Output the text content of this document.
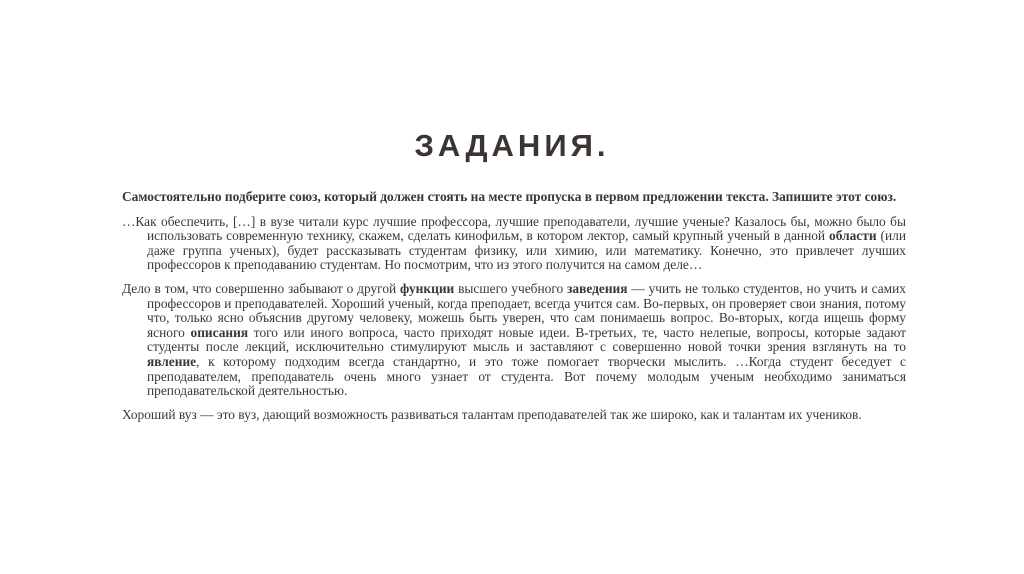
ЗАДАНИЯ.

Самостоятельно подберите союз, который должен стоять на месте пропуска в первом предложении текста. Запишите этот союз.

…Как обеспечить, […] в вузе читали курс лучшие профессора, лучшие преподаватели, лучшие ученые? Казалось бы, можно было бы использовать современную технику, скажем, сделать кинофильм, в котором лектор, самый крупный ученый в данной области (или даже группа ученых), будет рассказывать студентам физику, или химию, или математику. Конечно, это привлечет лучших профессоров к преподаванию студентам. Но посмотрим, что из этого получится на самом деле…

Дело в том, что совершенно забывают о другой функции высшего учебного заведения — учить не только студентов, но учить и самих профессоров и преподавателей. Хороший ученый, когда преподает, всегда учится сам. Во-первых, он проверяет свои знания, потому что, только ясно объяснив другому человеку, можешь быть уверен, что сам понимаешь вопрос. Во-вторых, когда ищешь форму ясного описания того или иного вопроса, часто приходят новые идеи. В-третьих, те, часто нелепые, вопросы, которые задают студенты после лекций, исключительно стимулируют мысль и заставляют с совершенно новой точки зрения взглянуть на то явление, к которому подходим всегда стандартно, и это тоже помогает творчески мыслить. …Когда студент беседует с преподавателем, преподаватель очень много узнает от студента. Вот почему молодым ученым необходимо заниматься преподавательской деятельностью.

Хороший вуз — это вуз, дающий возможность развиваться талантам преподавателей так же широко, как и талантам их учеников.
